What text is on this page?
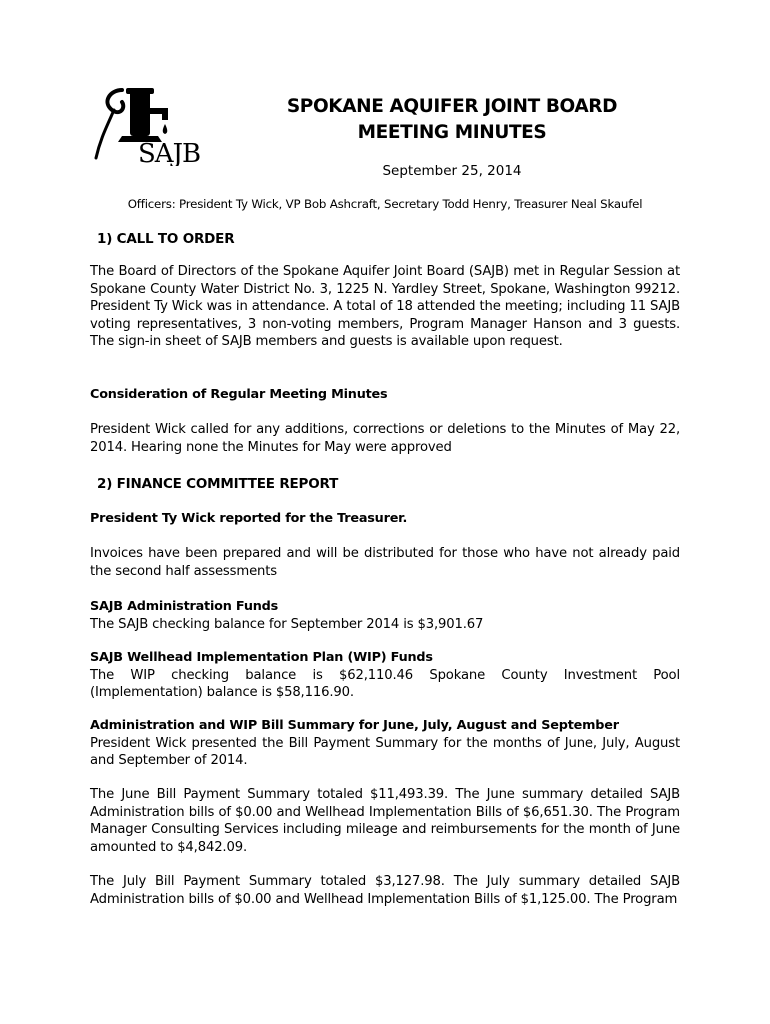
SAJB
SPOKANE AQUIFER JOINT BOARD
MEETING MINUTES
September 25, 2014
Officers: President Ty Wick, VP Bob Ashcraft, Secretary Todd Henry, Treasurer Neal Skaufel
1) CALL TO ORDER

The Board of Directors of the Spokane Aquifer Joint Board (SAJB) met in Regular Session at Spokane County Water District No. 3, 1225 N. Yardley Street, Spokane, Washington 99212. President Ty Wick was in attendance. A total of 18 attended the meeting; including 11 SAJB voting representatives, 3 non-voting members, Program Manager Hanson and 3 guests. The sign-in sheet of SAJB members and guests is available upon request.

Consideration of Regular Meeting Minutes

President Wick called for any additions, corrections or deletions to the Minutes of May 22, 2014. Hearing none the Minutes for May were approved

2) FINANCE COMMITTEE REPORT

President Ty Wick reported for the Treasurer.

Invoices have been prepared and will be distributed for those who have not already paid the second half assessments

SAJB Administration Funds

The SAJB checking balance for September 2014 is $3,901.67

SAJB Wellhead Implementation Plan (WIP) Funds

The WIP checking balance is $62,110.46 Spokane County Investment Pool (Implementation) balance is $58,116.90.

Administration and WIP Bill Summary for June, July, August and September

President Wick presented the Bill Payment Summary for the months of June, July, August and September of 2014.

The June Bill Payment Summary totaled $11,493.39. The June summary detailed SAJB Administration bills of $0.00 and Wellhead Implementation Bills of $6,651.30. The Program Manager Consulting Services including mileage and reimbursements for the month of June amounted to $4,842.09.

The July Bill Payment Summary totaled $3,127.98. The July summary detailed SAJB Administration bills of $0.00 and Wellhead Implementation Bills of $1,125.00. The Program
